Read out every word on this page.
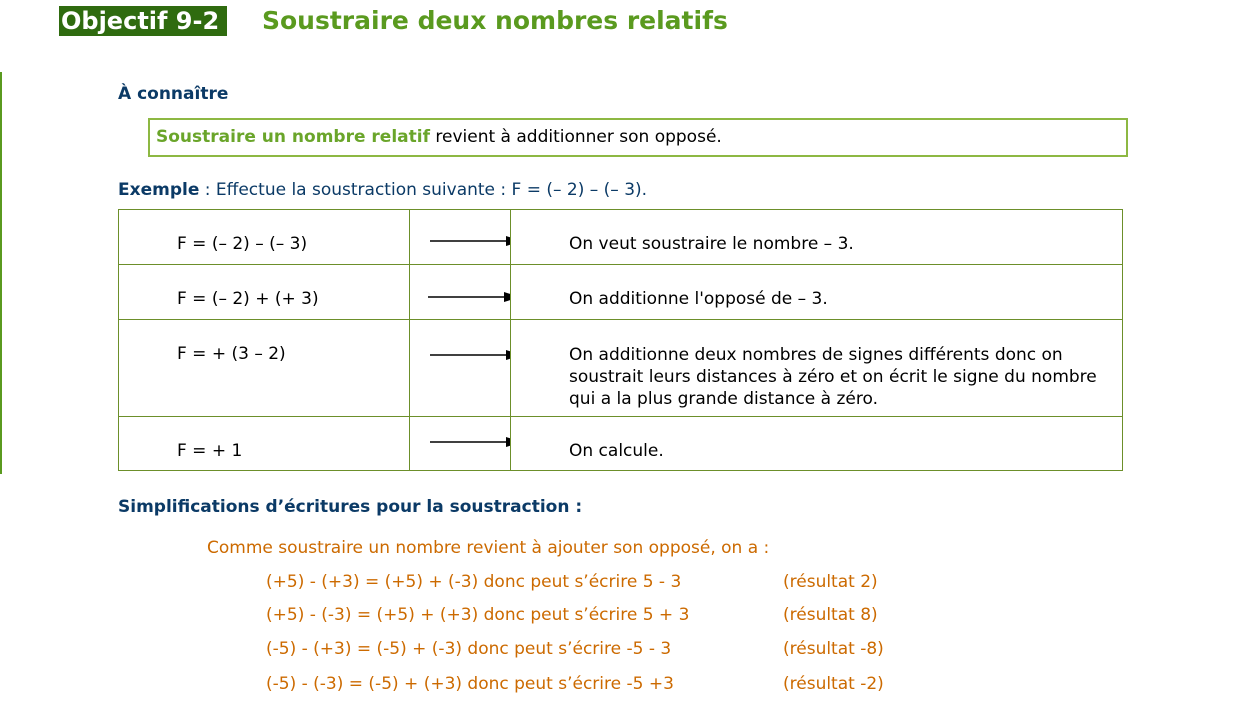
Objectif 9-2	Soustraire deux nombres relatifs
À connaître
Soustraire un nombre relatif revient à additionner son opposé.
Exemple : Effectue la soustraction suivante : F = (– 2) – (– 3).
F = (– 2) – (– 3)		On veut soustraire le nombre – 3.

F = (– 2) + (+ 3)		On additionne l'opposé de – 3.

F = + (3 – 2)		On additionne deux nombres de signes différents donc on soustrait leurs distances à zéro et on écrit le signe du nombre qui a la plus grande distance à zéro.

F = + 1		On calcule.
Simplifications d’écritures pour la soustraction :
Comme soustraire un nombre revient à ajouter son opposé, on a :
(+5) - (+3) = (+5) + (-3) donc peut s’écrire 5 - 3	(résultat 2)
(+5) - (-3) = (+5) + (+3) donc peut s’écrire 5 + 3	(résultat 8)
(-5) - (+3) = (-5) + (-3) donc peut s’écrire -5 - 3	(résultat -8)
(-5) - (-3) = (-5) + (+3) donc peut s’écrire -5 +3	(résultat -2)
